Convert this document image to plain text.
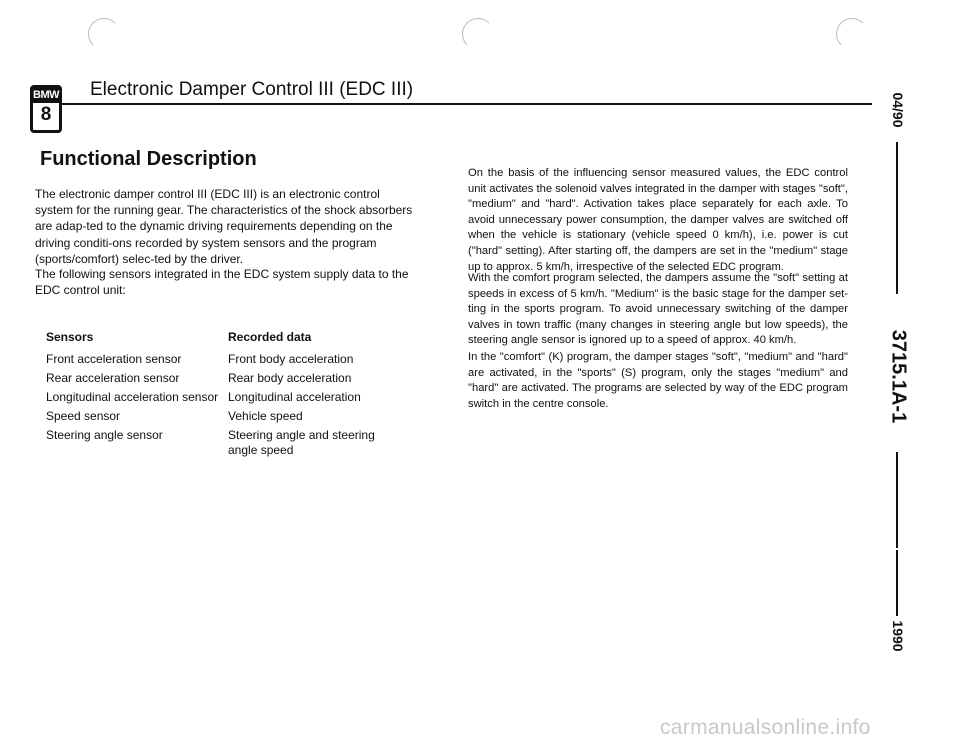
BMW
8
Electronic Damper Control III (EDC III)
Functional Description

The electronic damper control III (EDC III) is an electronic control system for the running gear. The characteristics of the shock absorbers are adap-ted to the dynamic driving requirements depending on the driving conditi-ons recorded by system sensors and the program (sports/comfort) selec-ted by the driver.

The following sensors integrated in the EDC system supply data to the EDC control unit:

Sensors	Recorded data
Front acceleration sensor	Front body acceleration
Rear acceleration sensor	Rear body acceleration
Longitudinal acceleration sensor	Longitudinal acceleration
Speed sensor	Vehicle speed
Steering angle sensor	Steering angle and steering angle speed

On the basis of the influencing sensor measured values, the EDC control unit activates the solenoid valves integrated in the damper with stages "soft", "medium" and "hard". Activation takes place separately for each axle. To avoid unnecessary power consumption, the damper valves are switched off when the vehicle is stationary (vehicle speed 0 km/h), i.e. power is cut ("hard" setting). After starting off, the dampers are set in the "medium" stage up to approx. 5 km/h, irrespective of the selected EDC program.

With the comfort program selected, the dampers assume the "soft" setting at speeds in excess of 5 km/h. "Medium" is the basic stage for the damper set-ting in the sports program. To avoid unnecessary switching of the damper valves in town traffic (many changes in steering angle but low speeds), the steering angle sensor is ignored up to a speed of approx. 40 km/h.

In the "comfort" (K) program, the damper stages "soft", "medium" and "hard" are activated, in the "sports" (S) program, only the stages "medium" and "hard" are activated. The programs are selected by way of the EDC program switch in the centre console.

04/90
3715.1A-1
1990
carmanualsonline.info
